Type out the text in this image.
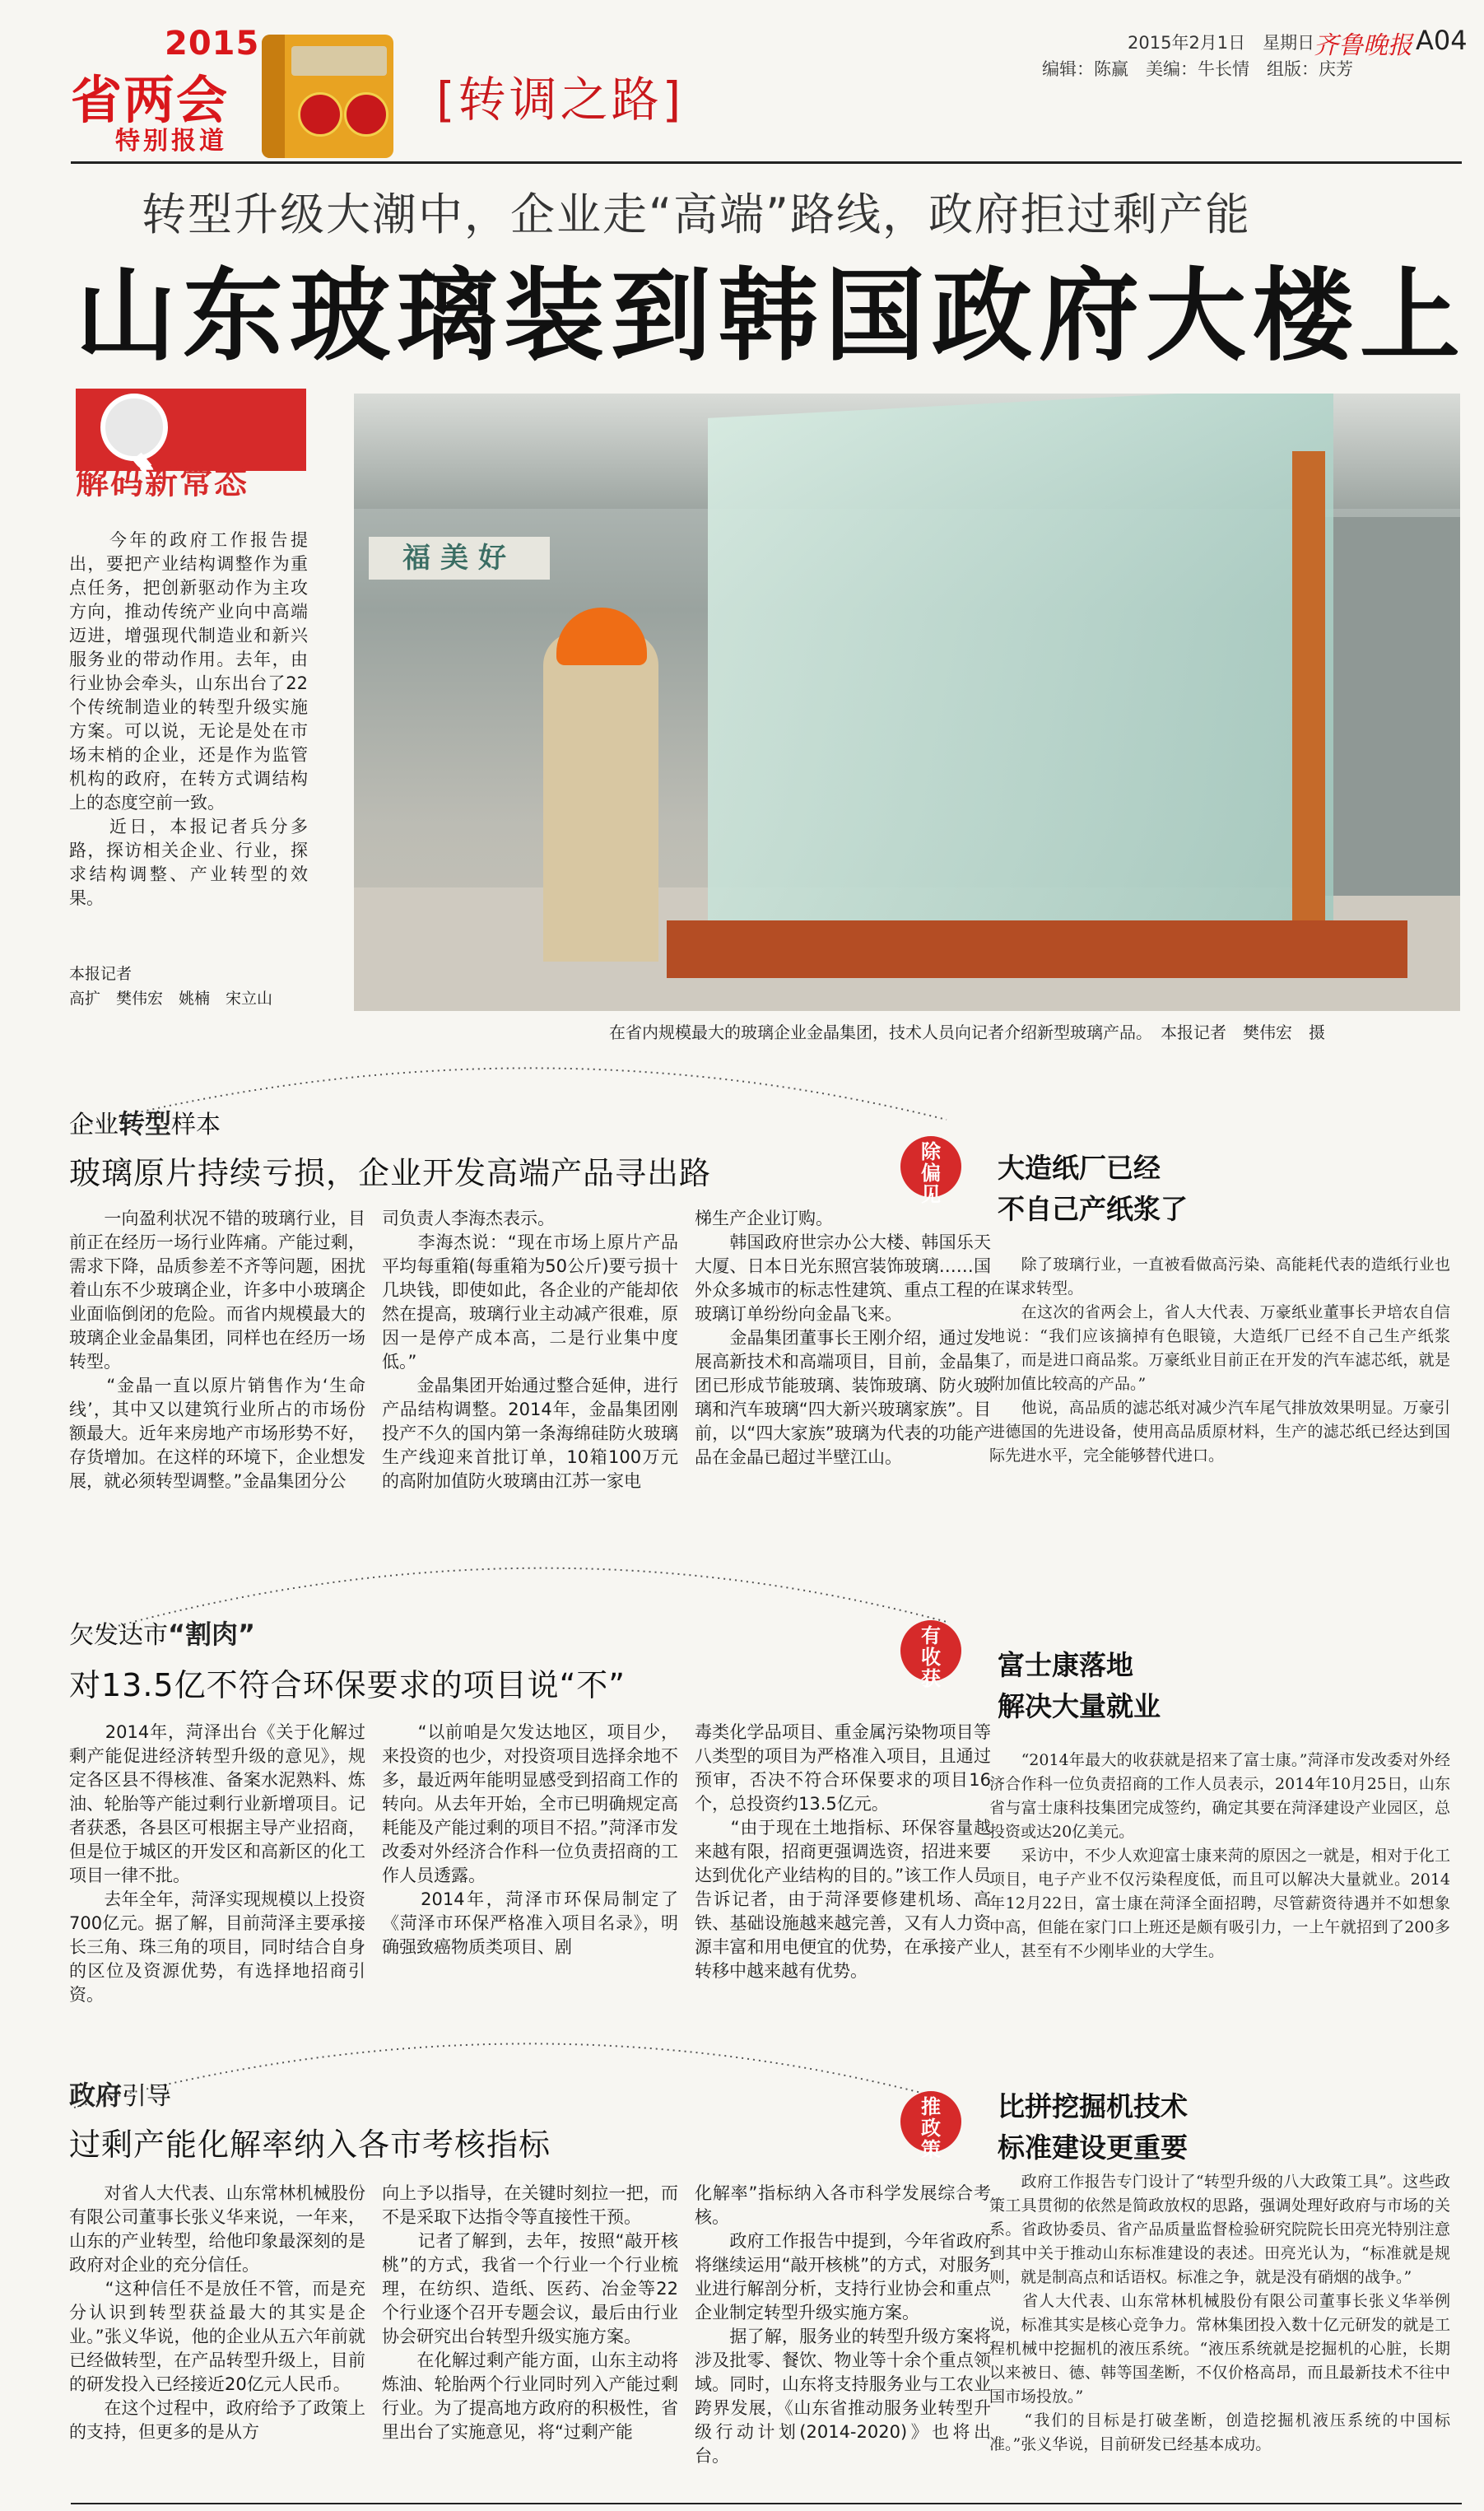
2015
省两会
特别报道
[转调之路]
2015年2月1日　星期日
齐鲁晚报 A04
编辑：陈赢　美编：牛长情　组版：庆芳
转型升级大潮中，企业走“高端”路线，政府拒过剩产能
山东玻璃装到韩国政府大楼上
解码新常态
　　今年的政府工作报告提出，要把产业结构调整作为重点任务，把创新驱动作为主攻方向，推动传统产业向中高端迈进，增强现代制造业和新兴服务业的带动作用。去年，由行业协会牵头，山东出台了22个传统制造业的转型升级实施方案。可以说，无论是处在市场末梢的企业，还是作为监管机构的政府，在转方式调结构上的态度空前一致。
　　近日，本报记者兵分多路，探访相关企业、行业，探求结构调整、产业转型的效果。
本报记者
高扩　樊伟宏　姚楠　宋立山
福美好
在省内规模最大的玻璃企业金晶集团，技术人员向记者介绍新型玻璃产品。　本报记者　樊伟宏　摄
企业转型样本
玻璃原片持续亏损，企业开发高端产品寻出路
　　一向盈利状况不错的玻璃行业，目前正在经历一场行业阵痛。产能过剩，需求下降，品质参差不齐等问题，困扰着山东不少玻璃企业，许多中小玻璃企业面临倒闭的危险。而省内规模最大的玻璃企业金晶集团，同样也在经历一场转型。
　　“金晶一直以原片销售作为‘生命线’，其中又以建筑行业所占的市场份额最大。近年来房地产市场形势不好，存货增加。在这样的环境下，企业想发展，就必须转型调整。”金晶集团分公
司负责人李海杰表示。
　　李海杰说：“现在市场上原片产品平均每重箱(每重箱为50公斤)要亏损十几块钱，即使如此，各企业的产能却依然在提高，玻璃行业主动减产很难，原因一是停产成本高，二是行业集中度低。”
　　金晶集团开始通过整合延伸，进行产品结构调整。2014年，金晶集团刚投产不久的国内第一条海绵硅防火玻璃生产线迎来首批订单，10箱100万元的高附加值防火玻璃由江苏一家电
梯生产企业订购。
　　韩国政府世宗办公大楼、韩国乐天大厦、日本日光东照宫装饰玻璃……国外众多城市的标志性建筑、重点工程的玻璃订单纷纷向金晶飞来。
　　金晶集团董事长王刚介绍，通过发展高新技术和高端项目，目前，金晶集团已形成节能玻璃、装饰玻璃、防火玻璃和汽车玻璃“四大新兴玻璃家族”。目前，以“四大家族”玻璃为代表的功能产品在金晶已超过半壁江山。
除
偏
见
大造纸厂已经
不自己产纸浆了
　　除了玻璃行业，一直被看做高污染、高能耗代表的造纸行业也在谋求转型。
　　在这次的省两会上，省人大代表、万豪纸业董事长尹培农自信地说：“我们应该摘掉有色眼镜，大造纸厂已经不自己生产纸浆了，而是进口商品浆。万豪纸业目前正在开发的汽车滤芯纸，就是附加值比较高的产品。”
　　他说，高品质的滤芯纸对减少汽车尾气排放效果明显。万豪引进德国的先进设备，使用高品质原材料，生产的滤芯纸已经达到国际先进水平，完全能够替代进口。
欠发达市“割肉”
对13.5亿不符合环保要求的项目说“不”
　　2014年，菏泽出台《关于化解过剩产能促进经济转型升级的意见》，规定各区县不得核准、备案水泥熟料、炼油、轮胎等产能过剩行业新增项目。记者获悉，各县区可根据主导产业招商，但是位于城区的开发区和高新区的化工项目一律不批。
　　去年全年，菏泽实现规模以上投资700亿元。据了解，目前菏泽主要承接长三角、珠三角的项目，同时结合自身的区位及资源优势，有选择地招商引资。
　　“以前咱是欠发达地区，项目少，来投资的也少，对投资项目选择余地不多，最近两年能明显感受到招商工作的转向。从去年开始，全市已明确规定高耗能及产能过剩的项目不招。”菏泽市发改委对外经济合作科一位负责招商的工作人员透露。
　　2014年，菏泽市环保局制定了《菏泽市环保严格准入项目名录》，明确强致癌物质类项目、剧
毒类化学品项目、重金属污染物项目等八类型的项目为严格准入项目，且通过预审，否决不符合环保要求的项目16个，总投资约13.5亿元。
　　“由于现在土地指标、环保容量越来越有限，招商更强调选资，招进来要达到优化产业结构的目的。”该工作人员告诉记者，由于菏泽要修建机场、高铁、基础设施越来越完善，又有人力资源丰富和用电便宜的优势，在承接产业转移中越来越有优势。
有
收
获	富士康落地
解决大量就业
　　“2014年最大的收获就是招来了富士康。”菏泽市发改委对外经济合作科一位负责招商的工作人员表示，2014年10月25日，山东省与富士康科技集团完成签约，确定其要在菏泽建设产业园区，总投资或达20亿美元。
　　采访中，不少人欢迎富士康来菏的原因之一就是，相对于化工项目，电子产业不仅污染程度低，而且可以解决大量就业。2014年12月22日，富士康在菏泽全面招聘，尽管薪资待遇并不如想象中高，但能在家门口上班还是颇有吸引力，一上午就招到了200多人，甚至有不少刚毕业的大学生。
政府引导
过剩产能化解率纳入各市考核指标
　　对省人大代表、山东常林机械股份有限公司董事长张义华来说，一年来，山东的产业转型，给他印象最深刻的是政府对企业的充分信任。
　　“这种信任不是放任不管，而是充分认识到转型获益最大的其实是企业。”张义华说，他的企业从五六年前就已经做转型，在产品转型升级上，目前的研发投入已经接近20亿元人民币。
　　在这个过程中，政府给予了政策上的支持，但更多的是从方
向上予以指导，在关键时刻拉一把，而不是采取下达指令等直接性干预。
　　记者了解到，去年，按照“敲开核桃”的方式，我省一个行业一个行业梳理，在纺织、造纸、医药、冶金等22个行业逐个召开专题会议，最后由行业协会研究出台转型升级实施方案。
　　在化解过剩产能方面，山东主动将炼油、轮胎两个行业同时列入产能过剩行业。为了提高地方政府的积极性，省里出台了实施意见，将“过剩产能
化解率”指标纳入各市科学发展综合考核。
　　政府工作报告中提到，今年省政府将继续运用“敲开核桃”的方式，对服务业进行解剖分析，支持行业协会和重点企业制定转型升级实施方案。
　　据了解，服务业的转型升级方案将涉及批零、餐饮、物业等十余个重点领域。同时，山东将支持服务业与工农业跨界发展，《山东省推动服务业转型升级行动计划(2014-2020)》也将出台。
推
政
策
比拼挖掘机技术
标准建设更重要
　　政府工作报告专门设计了“转型升级的八大政策工具”。这些政策工具贯彻的依然是简政放权的思路，强调处理好政府与市场的关系。省政协委员、省产品质量监督检验研究院院长田亮光特别注意到其中关于推动山东标准建设的表述。田亮光认为，“标准就是规则，就是制高点和话语权。标准之争，就是没有硝烟的战争。”
　　省人大代表、山东常林机械股份有限公司董事长张义华举例说，标准其实是核心竞争力。常林集团投入数十亿元研发的就是工程机械中挖掘机的液压系统。“液压系统就是挖掘机的心脏，长期以来被日、德、韩等国垄断，不仅价格高昂，而且最新技术不往中国市场投放。”
　　“我们的目标是打破垄断，创造挖掘机液压系统的中国标准。”张义华说，目前研发已经基本成功。
